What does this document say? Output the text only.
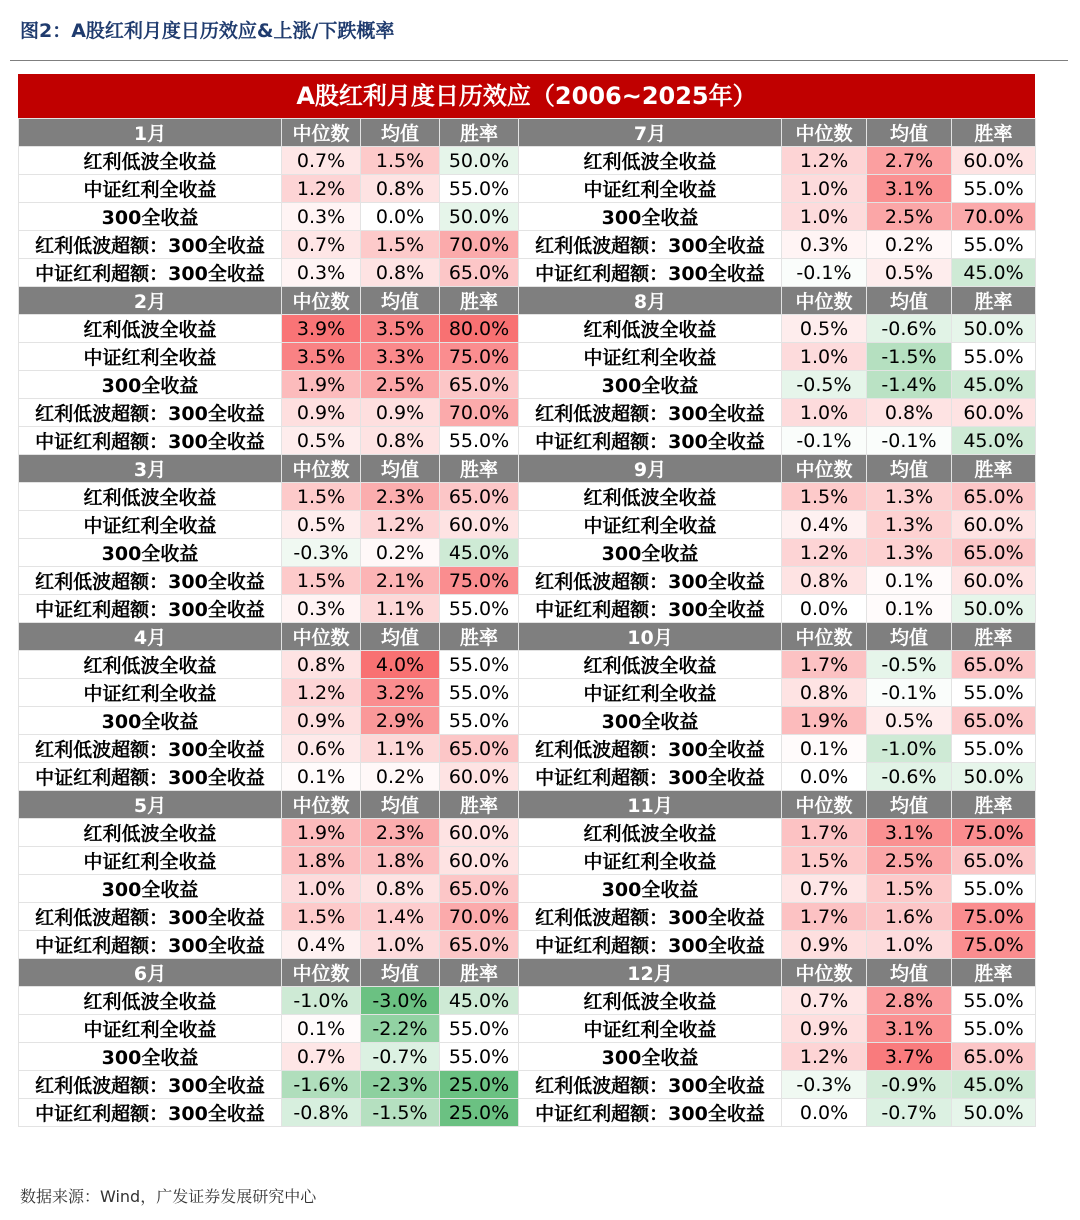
图2：A股红利月度日历效应&上涨/下跌概率
A股红利月度日历效应（2006~2025年）
1月	中位数	均值	胜率	7月	中位数	均值	胜率
红利低波全收益	0.7%	1.5%	50.0%	红利低波全收益	1.2%	2.7%	60.0%
中证红利全收益	1.2%	0.8%	55.0%	中证红利全收益	1.0%	3.1%	55.0%
300全收益	0.3%	0.0%	50.0%	300全收益	1.0%	2.5%	70.0%
红利低波超额：300全收益	0.7%	1.5%	70.0%	红利低波超额：300全收益	0.3%	0.2%	55.0%
中证红利超额：300全收益	0.3%	0.8%	65.0%	中证红利超额：300全收益	-0.1%	0.5%	45.0%
2月	中位数	均值	胜率	8月	中位数	均值	胜率
红利低波全收益	3.9%	3.5%	80.0%	红利低波全收益	0.5%	-0.6%	50.0%
中证红利全收益	3.5%	3.3%	75.0%	中证红利全收益	1.0%	-1.5%	55.0%
300全收益	1.9%	2.5%	65.0%	300全收益	-0.5%	-1.4%	45.0%
红利低波超额：300全收益	0.9%	0.9%	70.0%	红利低波超额：300全收益	1.0%	0.8%	60.0%
中证红利超额：300全收益	0.5%	0.8%	55.0%	中证红利超额：300全收益	-0.1%	-0.1%	45.0%
3月	中位数	均值	胜率	9月	中位数	均值	胜率
红利低波全收益	1.5%	2.3%	65.0%	红利低波全收益	1.5%	1.3%	65.0%
中证红利全收益	0.5%	1.2%	60.0%	中证红利全收益	0.4%	1.3%	60.0%
300全收益	-0.3%	0.2%	45.0%	300全收益	1.2%	1.3%	65.0%
红利低波超额：300全收益	1.5%	2.1%	75.0%	红利低波超额：300全收益	0.8%	0.1%	60.0%
中证红利超额：300全收益	0.3%	1.1%	55.0%	中证红利超额：300全收益	0.0%	0.1%	50.0%
4月	中位数	均值	胜率	10月	中位数	均值	胜率
红利低波全收益	0.8%	4.0%	55.0%	红利低波全收益	1.7%	-0.5%	65.0%
中证红利全收益	1.2%	3.2%	55.0%	中证红利全收益	0.8%	-0.1%	55.0%
300全收益	0.9%	2.9%	55.0%	300全收益	1.9%	0.5%	65.0%
红利低波超额：300全收益	0.6%	1.1%	65.0%	红利低波超额：300全收益	0.1%	-1.0%	55.0%
中证红利超额：300全收益	0.1%	0.2%	60.0%	中证红利超额：300全收益	0.0%	-0.6%	50.0%
5月	中位数	均值	胜率	11月	中位数	均值	胜率
红利低波全收益	1.9%	2.3%	60.0%	红利低波全收益	1.7%	3.1%	75.0%
中证红利全收益	1.8%	1.8%	60.0%	中证红利全收益	1.5%	2.5%	65.0%
300全收益	1.0%	0.8%	65.0%	300全收益	0.7%	1.5%	55.0%
红利低波超额：300全收益	1.5%	1.4%	70.0%	红利低波超额：300全收益	1.7%	1.6%	75.0%
中证红利超额：300全收益	0.4%	1.0%	65.0%	中证红利超额：300全收益	0.9%	1.0%	75.0%
6月	中位数	均值	胜率	12月	中位数	均值	胜率
红利低波全收益	-1.0%	-3.0%	45.0%	红利低波全收益	0.7%	2.8%	55.0%
中证红利全收益	0.1%	-2.2%	55.0%	中证红利全收益	0.9%	3.1%	55.0%
300全收益	0.7%	-0.7%	55.0%	300全收益	1.2%	3.7%	65.0%
红利低波超额：300全收益	-1.6%	-2.3%	25.0%	红利低波超额：300全收益	-0.3%	-0.9%	45.0%
中证红利超额：300全收益	-0.8%	-1.5%	25.0%	中证红利超额：300全收益	0.0%	-0.7%	50.0%
数据来源：Wind，广发证券发展研究中心
